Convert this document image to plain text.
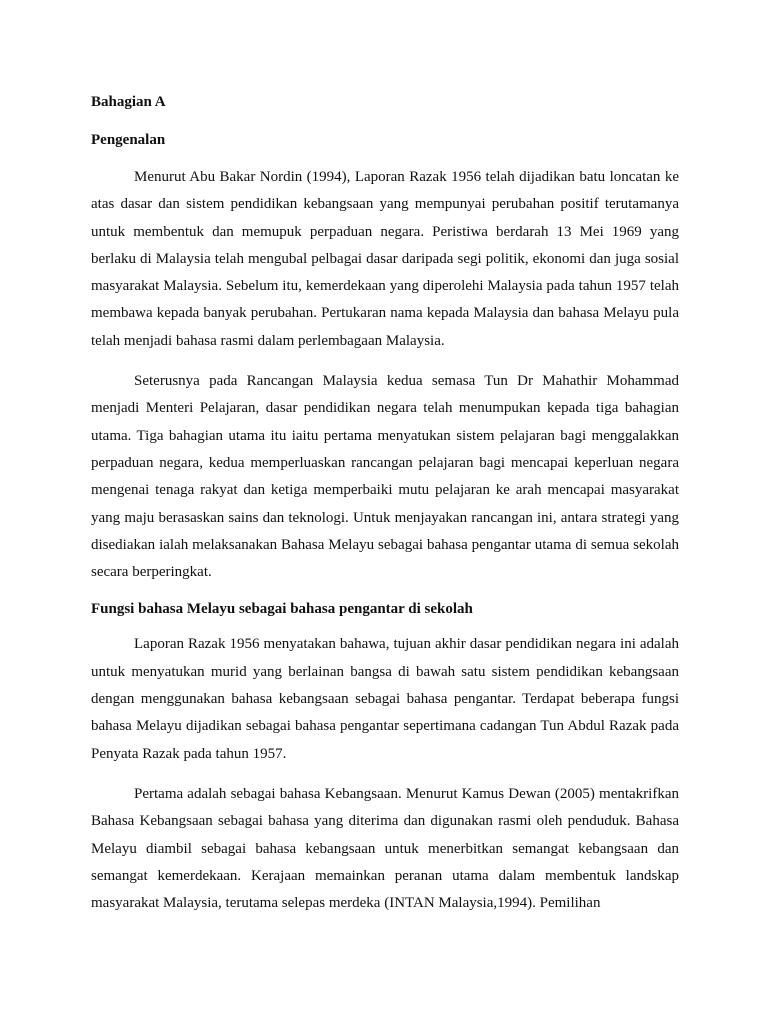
Bahagian A

Pengenalan

Menurut Abu Bakar Nordin (1994), Laporan Razak 1956 telah dijadikan batu loncatan ke atas dasar dan sistem pendidikan kebangsaan yang mempunyai perubahan positif terutamanya untuk membentuk dan memupuk perpaduan negara. Peristiwa berdarah 13 Mei 1969 yang berlaku di Malaysia telah mengubal pelbagai dasar daripada segi politik, ekonomi dan juga sosial masyarakat Malaysia. Sebelum itu, kemerdekaan yang diperolehi Malaysia pada tahun 1957 telah membawa kepada banyak perubahan. Pertukaran nama kepada Malaysia dan bahasa Melayu pula telah menjadi bahasa rasmi dalam perlembagaan Malaysia.

Seterusnya pada Rancangan Malaysia kedua semasa Tun Dr Mahathir Mohammad menjadi Menteri Pelajaran, dasar pendidikan negara telah menumpukan kepada tiga bahagian utama. Tiga bahagian utama itu iaitu pertama menyatukan sistem pelajaran bagi menggalakkan perpaduan negara, kedua memperluaskan rancangan pelajaran bagi mencapai keperluan negara mengenai tenaga rakyat dan ketiga memperbaiki mutu pelajaran ke arah mencapai masyarakat yang maju berasaskan sains dan teknologi. Untuk menjayakan rancangan ini, antara strategi yang disediakan ialah melaksanakan Bahasa Melayu sebagai bahasa pengantar utama di semua sekolah secara berperingkat.

Fungsi bahasa Melayu sebagai bahasa pengantar di sekolah

Laporan Razak 1956 menyatakan bahawa, tujuan akhir dasar pendidikan negara ini adalah untuk menyatukan murid yang berlainan bangsa di bawah satu sistem pendidikan kebangsaan dengan menggunakan bahasa kebangsaan sebagai bahasa pengantar. Terdapat beberapa fungsi bahasa Melayu dijadikan sebagai bahasa pengantar sepertimana cadangan Tun Abdul Razak pada Penyata Razak pada tahun 1957.

Pertama adalah sebagai bahasa Kebangsaan. Menurut Kamus Dewan (2005) mentakrifkan Bahasa Kebangsaan sebagai bahasa yang diterima dan digunakan rasmi oleh penduduk. Bahasa Melayu diambil sebagai bahasa kebangsaan untuk menerbitkan semangat kebangsaan dan semangat kemerdekaan. Kerajaan memainkan peranan utama dalam membentuk landskap masyarakat Malaysia, terutama selepas merdeka (INTAN Malaysia,1994). Pemilihan
